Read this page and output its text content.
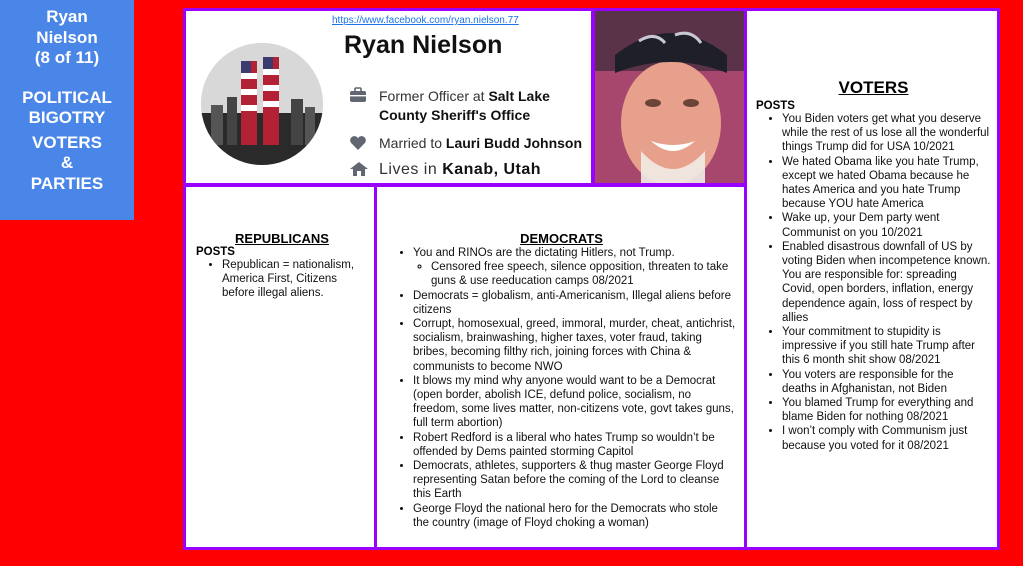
Ryan
Nielson
(8 of 11)
POLITICAL
BIGOTRY
VOTERS
&
PARTIES
https://www.facebook.com/ryan.nielson.77
Ryan Nielson
Former Officer at Salt Lake County Sheriff's Office
Married to Lauri Budd Johnson
Lives in Kanab, Utah

REPUBLICANS

POSTS

• Republican = nationalism, America First, Citizens before illegal aliens.

DEMOCRATS

• You and RINOs are the dictating Hitlers, not Trump.
◦ Censored free speech, silence opposition, threaten to take guns & use reeducation camps 08/2021
• Democrats = globalism, anti-Americanism, Illegal aliens before citizens
• Corrupt, homosexual, greed, immoral, murder, cheat, antichrist, socialism, brainwashing, higher taxes, voter fraud, taking bribes, becoming filthy rich, joining forces with China & communists to become NWO
• It blows my mind why anyone would want to be a Democrat (open border, abolish ICE, defund police, socialism, no freedom, some lives matter, non-citizens vote, govt takes guns, full term abortion)
• Robert Redford is a liberal who hates Trump so wouldn’t be offended by Dems painted storming Capitol
• Democrats, athletes, supporters & thug master George Floyd representing Satan before the coming of the Lord to cleanse this Earth
• George Floyd the national hero for the Democrats who stole the country (image of Floyd choking a woman)

VOTERS

POSTS

• You Biden voters get what you deserve while the rest of us lose all the wonderful things Trump did for USA 10/2021
• We hated Obama like you hate Trump, except we hated Obama because he hates America and you hate Trump because YOU hate America
• Wake up, your Dem party went Communist on you 10/2021
• Enabled disastrous downfall of US by voting Biden when incompetence known. You are responsible for: spreading Covid, open borders, inflation, energy dependence again, loss of respect by allies
• Your commitment to stupidity is impressive if you still hate Trump after this 6 month shit show 08/2021
• You voters are responsible for the deaths in Afghanistan, not Biden
• You blamed Trump for everything and blame Biden for nothing 08/2021
• I won’t comply with Communism just because you voted for it 08/2021
